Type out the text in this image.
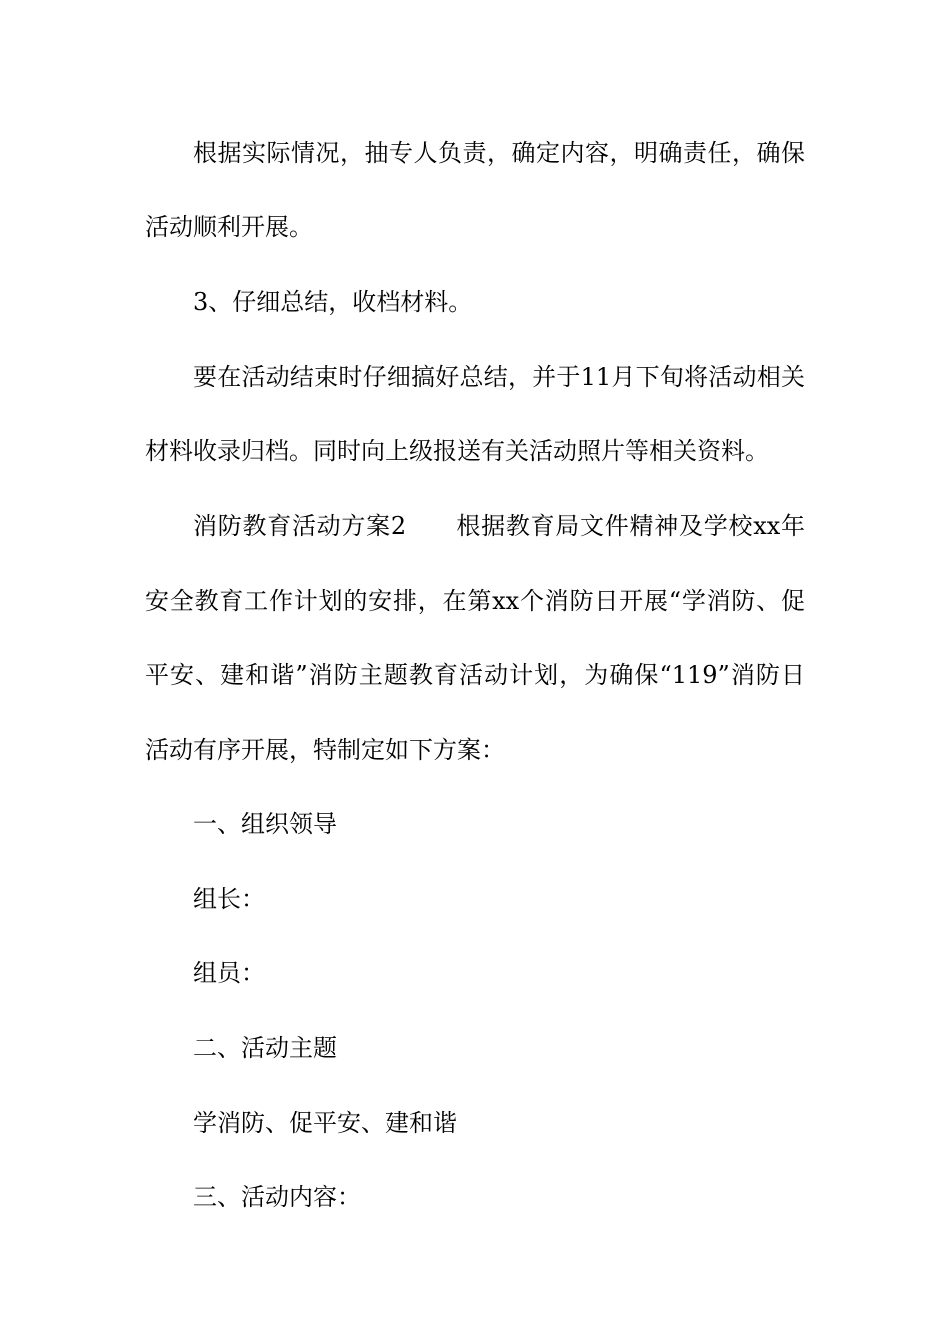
根据实际情况，抽专人负责，确定内容，明确责任，确保
活动顺利开展。
3、仔细总结，收档材料。
要在活动结束时仔细搞好总结，并于11月下旬将活动相关
材料收录归档。同时向上级报送有关活动照片等相关资料。
消防教育活动方案2　　根据教育局文件精神及学校xx年
安全教育工作计划的安排，在第xx个消防日开展“学消防、促
平安、建和谐”消防主题教育活动计划，为确保“119”消防日
活动有序开展，特制定如下方案：
一、组织领导
组长：
组员：
二、活动主题
学消防、促平安、建和谐
三、活动内容：
